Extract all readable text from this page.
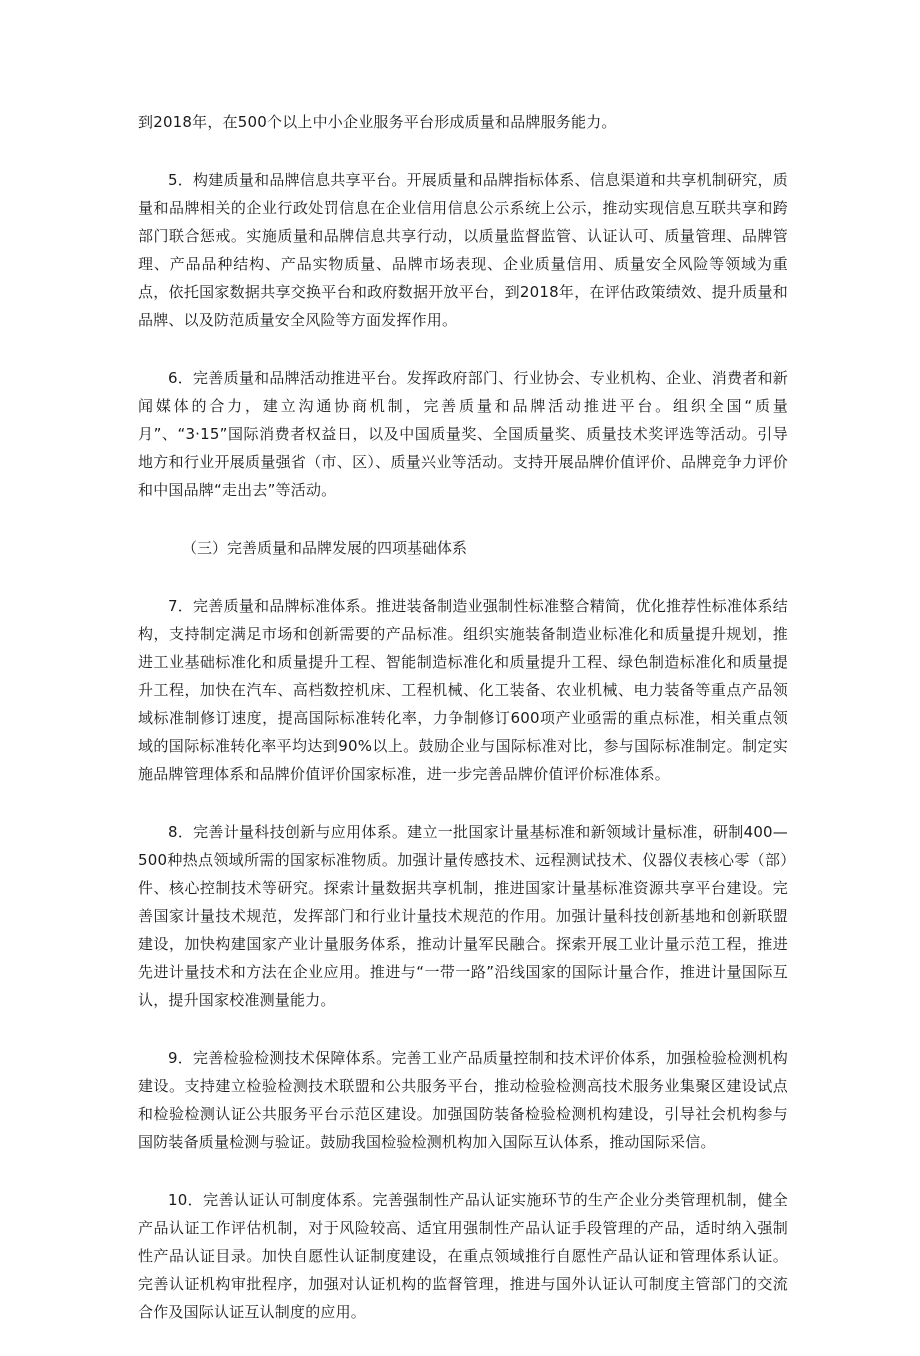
到2018年，在500个以上中小企业服务平台形成质量和品牌服务能力。

5．构建质量和品牌信息共享平台。开展质量和品牌指标体系、信息渠道和共享机制研究，质量和品牌相关的企业行政处罚信息在企业信用信息公示系统上公示，推动实现信息互联共享和跨部门联合惩戒。实施质量和品牌信息共享行动，以质量监督监管、认证认可、质量管理、品牌管理、产品品种结构、产品实物质量、品牌市场表现、企业质量信用、质量安全风险等领域为重点，依托国家数据共享交换平台和政府数据开放平台，到2018年，在评估政策绩效、提升质量和品牌、以及防范质量安全风险等方面发挥作用。

6．完善质量和品牌活动推进平台。发挥政府部门、行业协会、专业机构、企业、消费者和新闻媒体的合力，建立沟通协商机制，完善质量和品牌活动推进平台。组织全国“质量月”、“3·15”国际消费者权益日，以及中国质量奖、全国质量奖、质量技术奖评选等活动。引导地方和行业开展质量强省（市、区）、质量兴业等活动。支持开展品牌价值评价、品牌竞争力评价和中国品牌“走出去”等活动。

（三）完善质量和品牌发展的四项基础体系

7．完善质量和品牌标准体系。推进装备制造业强制性标准整合精简，优化推荐性标准体系结构，支持制定满足市场和创新需要的产品标准。组织实施装备制造业标准化和质量提升规划，推进工业基础标准化和质量提升工程、智能制造标准化和质量提升工程、绿色制造标准化和质量提升工程，加快在汽车、高档数控机床、工程机械、化工装备、农业机械、电力装备等重点产品领域标准制修订速度，提高国际标准转化率，力争制修订600项产业亟需的重点标准，相关重点领域的国际标准转化率平均达到90%以上。鼓励企业与国际标准对比，参与国际标准制定。制定实施品牌管理体系和品牌价值评价国家标准，进一步完善品牌价值评价标准体系。

8．完善计量科技创新与应用体系。建立一批国家计量基标准和新领域计量标准，研制400—500种热点领域所需的国家标准物质。加强计量传感技术、远程测试技术、仪器仪表核心零（部）件、核心控制技术等研究。探索计量数据共享机制，推进国家计量基标准资源共享平台建设。完善国家计量技术规范，发挥部门和行业计量技术规范的作用。加强计量科技创新基地和创新联盟建设，加快构建国家产业计量服务体系，推动计量军民融合。探索开展工业计量示范工程，推进先进计量技术和方法在企业应用。推进与“一带一路”沿线国家的国际计量合作，推进计量国际互认，提升国家校准测量能力。

9．完善检验检测技术保障体系。完善工业产品质量控制和技术评价体系，加强检验检测机构建设。支持建立检验检测技术联盟和公共服务平台，推动检验检测高技术服务业集聚区建设试点和检验检测认证公共服务平台示范区建设。加强国防装备检验检测机构建设，引导社会机构参与国防装备质量检测与验证。鼓励我国检验检测机构加入国际互认体系，推动国际采信。

10．完善认证认可制度体系。完善强制性产品认证实施环节的生产企业分类管理机制，健全产品认证工作评估机制，对于风险较高、适宜用强制性产品认证手段管理的产品，适时纳入强制性产品认证目录。加快自愿性认证制度建设，在重点领域推行自愿性产品认证和管理体系认证。完善认证机构审批程序，加强对认证机构的监督管理，推进与国外认证认可制度主管部门的交流合作及国际认证互认制度的应用。
